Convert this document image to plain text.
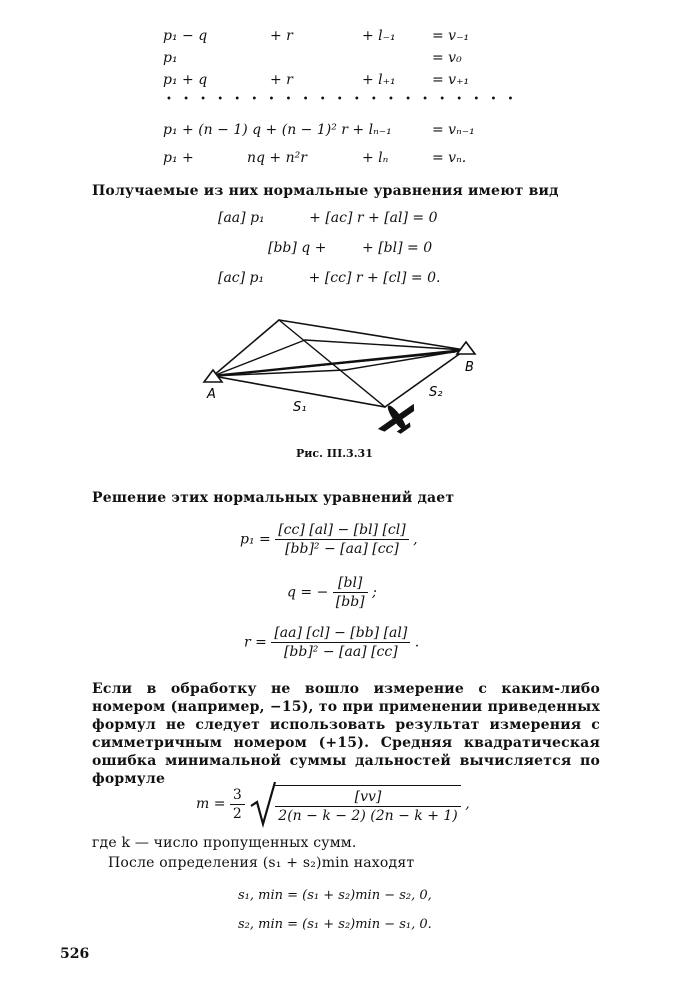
p₁ − q	+ r	+ l₋₁	= v₋₁
p₁	= v₀
p₁ + q	+ r	+ l₊₁	= v₊₁
• • • • • • • • • • • • • • • • • • • • •
p₁ + (n − 1) q + (n − 1)² r + lₙ₋₁	= vₙ₋₁
p₁ +	nq + n²r	+ lₙ	= vₙ.
Получаемые из них нормальные уравнения имеют вид
[aa] p₁          + [ac] r + [al] = 0
[bb] q +        + [bl] = 0
[ac] p₁          + [cc] r + [cl] = 0.
A
B
S₁
S₂
Рис. III.3.31
Решение этих нормальных уравнений дает
$p_1 = \frac{[cc] [al] - [bl] [cl]}{\text{[bb]² − [aa] [cc]}}$ ,
q = − $\frac{[bl]}{[bb]}$ ;
$r = \frac{[aa] [cl] - [bb] [al]}{\text{[bb]² − [aa] [cc]}}$ .
Если в обработку не вошло измерение с каким-либо номером (например, −15), то при применении приведенных формул не следует использовать результат измерения с симметричным номером (+15). Средняя квадратическая ошибка минимальной суммы дальностей вычисляется по формуле
$m = \frac{3}{2}$
$\frac{[vv]}{2(n - k - 2) (2n - k + 1)}$ ,
где k — число пропущенных сумм.
После определения (s₁ + s₂)min находят
s₁, min = (s₁ + s₂)min − s₂, 0,
s₂, min = (s₁ + s₂)min − s₁, 0.
526
